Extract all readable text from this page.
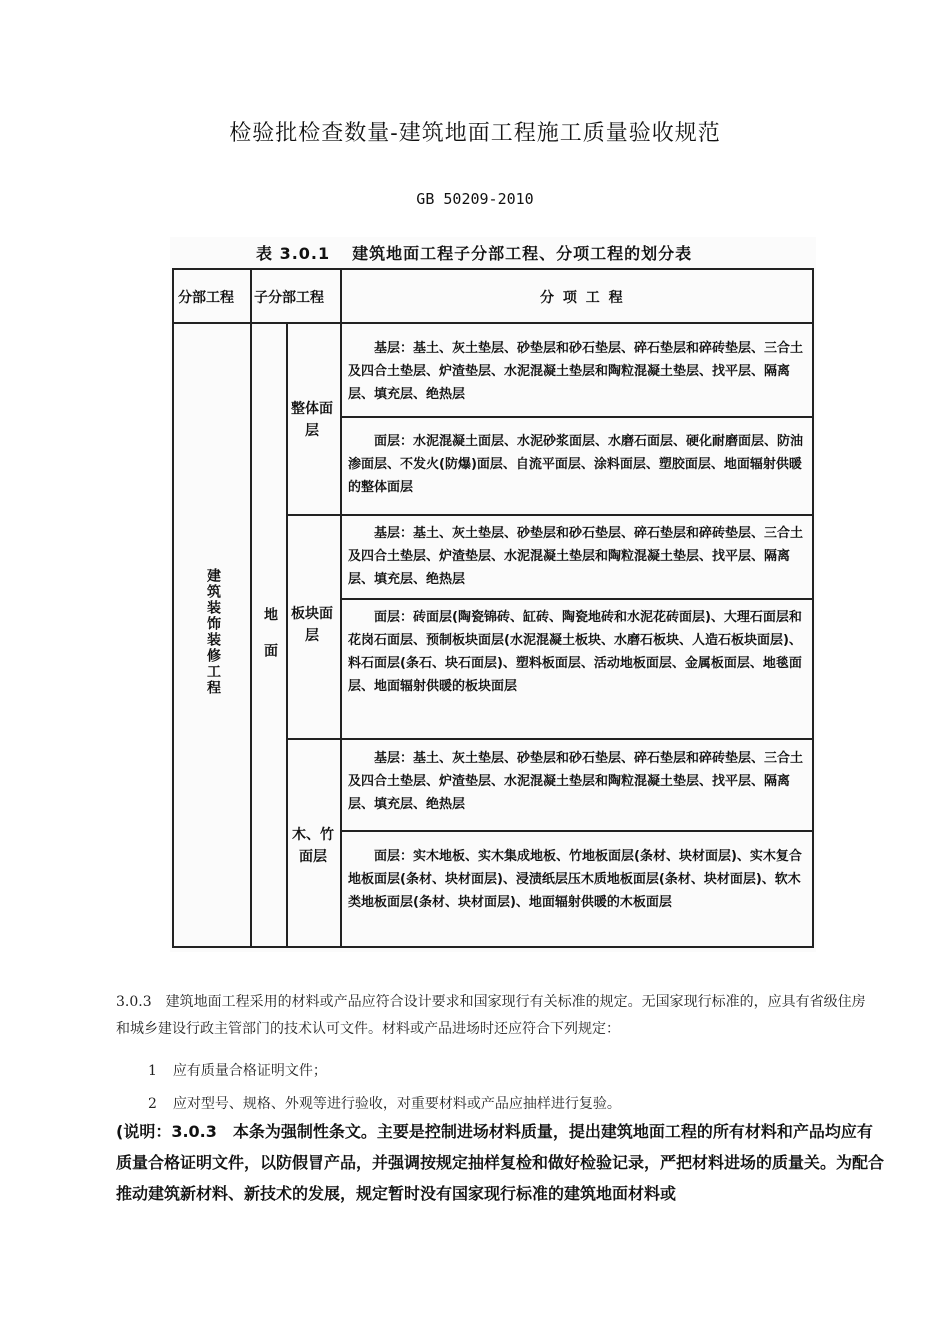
检验批检查数量-建筑地面工程施工质量验收规范
GB 50209-2010
表 3.0.1 建筑地面工程子分部工程、分项工程的划分表
分部工程 子分部工程	分 项 工 程
建筑装饰装修工程	地面
整体面层
板块面层
木、竹面层
基层：基土、灰土垫层、砂垫层和砂石垫层、碎石垫层和碎砖垫层、三合土及四合土垫层、炉渣垫层、水泥混凝土垫层和陶粒混凝土垫层、找平层、隔离层、填充层、绝热层
面层：水泥混凝土面层、水泥砂浆面层、水磨石面层、硬化耐磨面层、防油渗面层、不发火(防爆)面层、自流平面层、涂料面层、塑胶面层、地面辐射供暖的整体面层
基层：基土、灰土垫层、砂垫层和砂石垫层、碎石垫层和碎砖垫层、三合土及四合土垫层、炉渣垫层、水泥混凝土垫层和陶粒混凝土垫层、找平层、隔离层、填充层、绝热层
面层：砖面层(陶瓷锦砖、缸砖、陶瓷地砖和水泥花砖面层)、大理石面层和花岗石面层、预制板块面层(水泥混凝土板块、水磨石板块、人造石板块面层)、料石面层(条石、块石面层)、塑料板面层、活动地板面层、金属板面层、地毯面层、地面辐射供暖的板块面层
基层：基土、灰土垫层、砂垫层和砂石垫层、碎石垫层和碎砖垫层、三合土及四合土垫层、炉渣垫层、水泥混凝土垫层和陶粒混凝土垫层、找平层、隔离层、填充层、绝热层
面层：实木地板、实木集成地板、竹地板面层(条材、块材面层)、实木复合地板面层(条材、块材面层)、浸渍纸层压木质地板面层(条材、块材面层)、软木类地板面层(条材、块材面层)、地面辐射供暖的木板面层
3.0.3　建筑地面工程采用的材料或产品应符合设计要求和国家现行有关标准的规定。无国家现行标准的，应具有省级住房和城乡建设行政主管部门的技术认可文件。材料或产品进场时还应符合下列规定：
1 应有质量合格证明文件；
2 应对型号、规格、外观等进行验收，对重要材料或产品应抽样进行复验。
(说明：3.0.3　本条为强制性条文。主要是控制进场材料质量，提出建筑地面工程的所有材料和产品均应有质量合格证明文件，以防假冒产品，并强调按规定抽样复检和做好检验记录，严把材料进场的质量关。为配合推动建筑新材料、新技术的发展，规定暂时没有国家现行标准的建筑地面材料或
